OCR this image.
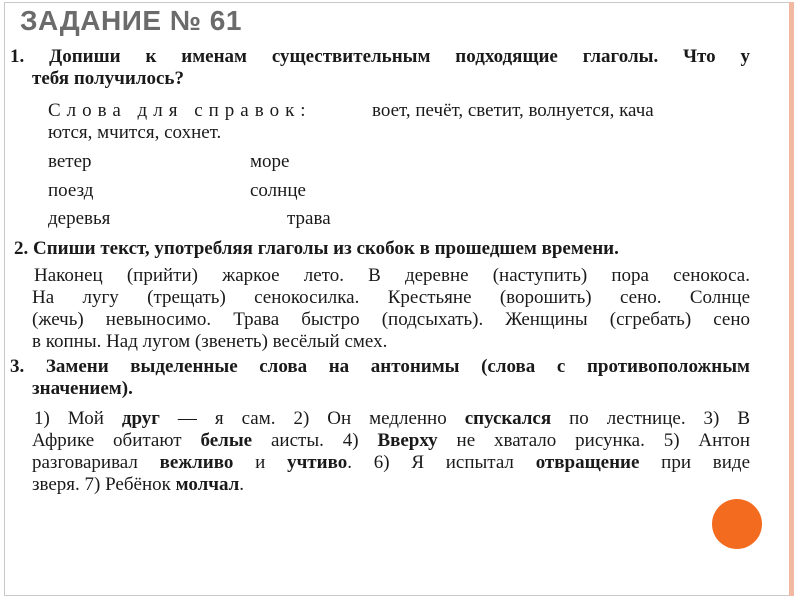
ЗАДАНИЕ № 61
1. Допиши к именам существительным подходящие глаголы. Что у
тебя получилось?
Слова для справок:	воет, печёт, светит, волнуется, кача
ются, мчится, сохнет.
ветер	море
поезд	солнце
деревья	трава
2. Спиши текст, употребляя глаголы из скобок в прошедшем времени.
Наконец (прийти) жаркое лето. В деревне (наступить) пора сенокоса.
На лугу (трещать) сенокосилка. Крестьяне (ворошить) сено. Солнце
(жечь) невыносимо. Трава быстро (подсыхать). Женщины (сгребать) сено
в копны. Над лугом (звенеть) весёлый смех.
3. Замени выделенные слова на антонимы (слова с противоположным
значением).
1) Мой друг — я сам. 2) Он медленно спускался по лестнице. 3) В
Африке обитают белые аисты. 4) Вверху не хватало рисунка. 5) Антон
разговаривал вежливо и учтиво. 6) Я испытал отвращение при виде
зверя. 7) Ребёнок молчал.
